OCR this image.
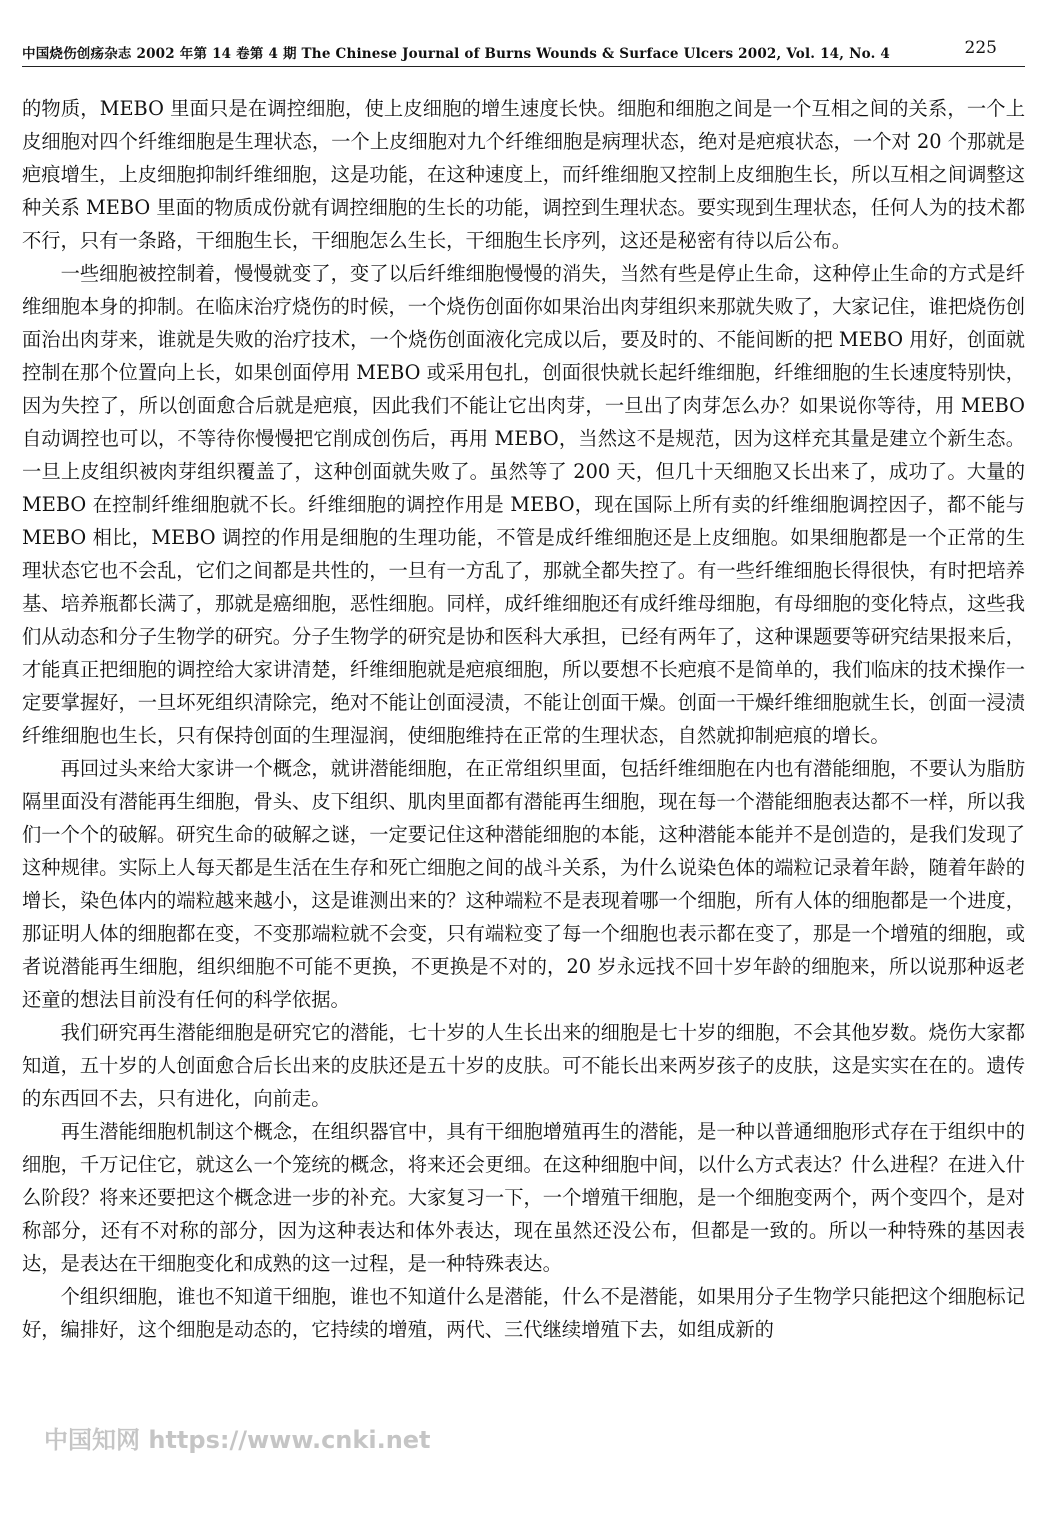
中国烧伤创疡杂志 2002 年第 14 卷第 4 期 The Chinese Journal of Burns Wounds & Surface Ulcers 2002, Vol. 14, No. 4	225

的物质，MEBO 里面只是在调控细胞，使上皮细胞的增生速度长快。细胞和细胞之间是一个互相之间的关系，一个上皮细胞对四个纤维细胞是生理状态，一个上皮细胞对九个纤维细胞是病理状态，绝对是疤痕状态，一个对 20 个那就是疤痕增生，上皮细胞抑制纤维细胞，这是功能，在这种速度上，而纤维细胞又控制上皮细胞生长，所以互相之间调整这种关系 MEBO 里面的物质成份就有调控细胞的生长的功能，调控到生理状态。要实现到生理状态，任何人为的技术都不行，只有一条路，干细胞生长，干细胞怎么生长，干细胞生长序列，这还是秘密有待以后公布。

一些细胞被控制着，慢慢就变了，变了以后纤维细胞慢慢的消失，当然有些是停止生命，这种停止生命的方式是纤维细胞本身的抑制。在临床治疗烧伤的时候，一个烧伤创面你如果治出肉芽组织来那就失败了，大家记住，谁把烧伤创面治出肉芽来，谁就是失败的治疗技术，一个烧伤创面液化完成以后，要及时的、不能间断的把 MEBO 用好，创面就控制在那个位置向上长，如果创面停用 MEBO 或采用包扎，创面很快就长起纤维细胞，纤维细胞的生长速度特别快，因为失控了，所以创面愈合后就是疤痕，因此我们不能让它出肉芽，一旦出了肉芽怎么办？如果说你等待，用 MEBO 自动调控也可以，不等待你慢慢把它削成创伤后，再用 MEBO，当然这不是规范，因为这样充其量是建立个新生态。一旦上皮组织被肉芽组织覆盖了，这种创面就失败了。虽然等了 200 天，但几十天细胞又长出来了，成功了。大量的 MEBO 在控制纤维细胞就不长。纤维细胞的调控作用是 MEBO，现在国际上所有卖的纤维细胞调控因子，都不能与 MEBO 相比，MEBO 调控的作用是细胞的生理功能，不管是成纤维细胞还是上皮细胞。如果细胞都是一个正常的生理状态它也不会乱，它们之间都是共性的，一旦有一方乱了，那就全都失控了。有一些纤维细胞长得很快，有时把培养基、培养瓶都长满了，那就是癌细胞，恶性细胞。同样，成纤维细胞还有成纤维母细胞，有母细胞的变化特点，这些我们从动态和分子生物学的研究。分子生物学的研究是协和医科大承担，已经有两年了，这种课题要等研究结果报来后，才能真正把细胞的调控给大家讲清楚，纤维细胞就是疤痕细胞，所以要想不长疤痕不是简单的，我们临床的技术操作一定要掌握好，一旦坏死组织清除完，绝对不能让创面浸渍，不能让创面干燥。创面一干燥纤维细胞就生长，创面一浸渍纤维细胞也生长，只有保持创面的生理湿润，使细胞维持在正常的生理状态，自然就抑制疤痕的增长。

再回过头来给大家讲一个概念，就讲潜能细胞，在正常组织里面，包括纤维细胞在内也有潜能细胞，不要认为脂肪隔里面没有潜能再生细胞，骨头、皮下组织、肌肉里面都有潜能再生细胞，现在每一个潜能细胞表达都不一样，所以我们一个个的破解。研究生命的破解之谜，一定要记住这种潜能细胞的本能，这种潜能本能并不是创造的，是我们发现了这种规律。实际上人每天都是生活在生存和死亡细胞之间的战斗关系，为什么说染色体的端粒记录着年龄，随着年龄的增长，染色体内的端粒越来越小，这是谁测出来的？这种端粒不是表现着哪一个细胞，所有人体的细胞都是一个进度，那证明人体的细胞都在变，不变那端粒就不会变，只有端粒变了每一个细胞也表示都在变了，那是一个增殖的细胞，或者说潜能再生细胞，组织细胞不可能不更换，不更换是不对的，20 岁永远找不回十岁年龄的细胞来，所以说那种返老还童的想法目前没有任何的科学依据。

我们研究再生潜能细胞是研究它的潜能，七十岁的人生长出来的细胞是七十岁的细胞，不会其他岁数。烧伤大家都知道，五十岁的人创面愈合后长出来的皮肤还是五十岁的皮肤。可不能长出来两岁孩子的皮肤，这是实实在在的。遗传的东西回不去，只有进化，向前走。

再生潜能细胞机制这个概念，在组织器官中，具有干细胞增殖再生的潜能，是一种以普通细胞形式存在于组织中的细胞，千万记住它，就这么一个笼统的概念，将来还会更细。在这种细胞中间，以什么方式表达？什么进程？在进入什么阶段？将来还要把这个概念进一步的补充。大家复习一下，一个增殖干细胞，是一个细胞变两个，两个变四个，是对称部分，还有不对称的部分，因为这种表达和体外表达，现在虽然还没公布，但都是一致的。所以一种特殊的基因表达，是表达在干细胞变化和成熟的这一过程，是一种特殊表达。

个组织细胞，谁也不知道干细胞，谁也不知道什么是潜能，什么不是潜能，如果用分子生物学只能把这个细胞标记好，编排好，这个细胞是动态的，它持续的增殖，两代、三代继续增殖下去，如组成新的

中国知网 https://www.cnki.net
